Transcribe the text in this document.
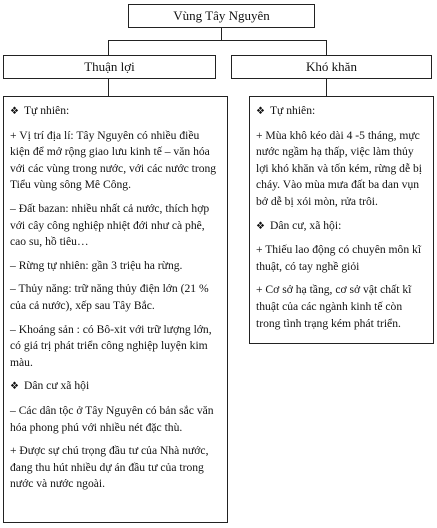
Vùng Tây Nguyên
Thuận lợi	Khó khăn
❖ Tự nhiên:
+ Vị trí địa lí: Tây Nguyên có nhiều điều kiện để mở rộng giao lưu kinh tế – văn hóa với các vùng trong nước, với các nước trong Tiểu vùng sông Mê Công.
– Đất bazan: nhiều nhất cả nước, thích hợp với cây công nghiệp nhiệt đới như cà phê, cao su, hồ tiêu…
– Rừng tự nhiên: gần 3 triệu ha rừng.
– Thủy năng: trữ năng thủy điện lớn (21 % của cả nước), xếp sau Tây Bắc.
– Khoáng sản : có Bô-xit với trữ lượng lớn, có giá trị phát triển công nghiệp luyện kim màu.
❖ Dân cư xã hội
– Các dân tộc ở Tây Nguyên có bản sắc văn hóa phong phú với nhiều nét đặc thù.
+ Được sự chú trọng đầu tư của Nhà nước, đang thu hút nhiều dự án đầu tư của trong nước và nước ngoài.
❖ Tự nhiên:
+ Mùa khô kéo dài 4 -5 tháng, mực nước ngầm hạ thấp, việc làm thủy lợi khó khăn và tốn kém, rừng dễ bị cháy. Vào mùa mưa đất ba dan vụn bở dễ bị xói mòn, rửa trôi.
❖ Dân cư, xã hội:
+ Thiếu lao động có chuyên môn kĩ thuật, có tay nghề giỏi
+ Cơ sở hạ tầng, cơ sở vật chất kĩ thuật của các ngành kinh tế còn trong tình trạng kém phát triển.
